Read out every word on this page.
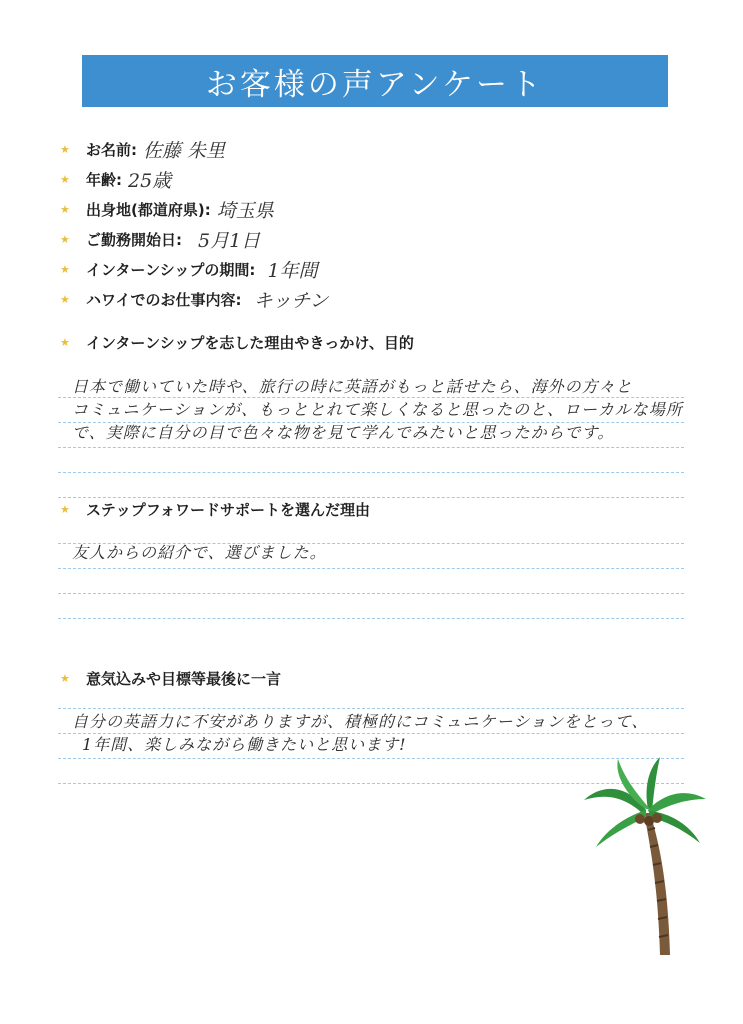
お客様の声アンケート
★	お名前: 佐藤 朱里
★	年齢: 25歳
★	出身地(都道府県): 埼玉県
★	ご勤務開始日: 5月1日
★	インターンシップの期間: 1年間
★	ハワイでのお仕事内容: キッチン
★	インターンシップを志した理由やきっかけ、目的
日本で働いていた時や、旅行の時に英語がもっと話せたら、海外の方々と
コミュニケーションが、もっととれて楽しくなると思ったのと、ローカルな場所
で、実際に自分の目で色々な物を見て学んでみたいと思ったからです。
★	ステップフォワードサポートを選んだ理由
友人からの紹介で、選びました。
★	意気込みや目標等最後に一言
自分の英語力に不安がありますが、積極的にコミュニケーションをとって、
1年間、楽しみながら働きたいと思います!
